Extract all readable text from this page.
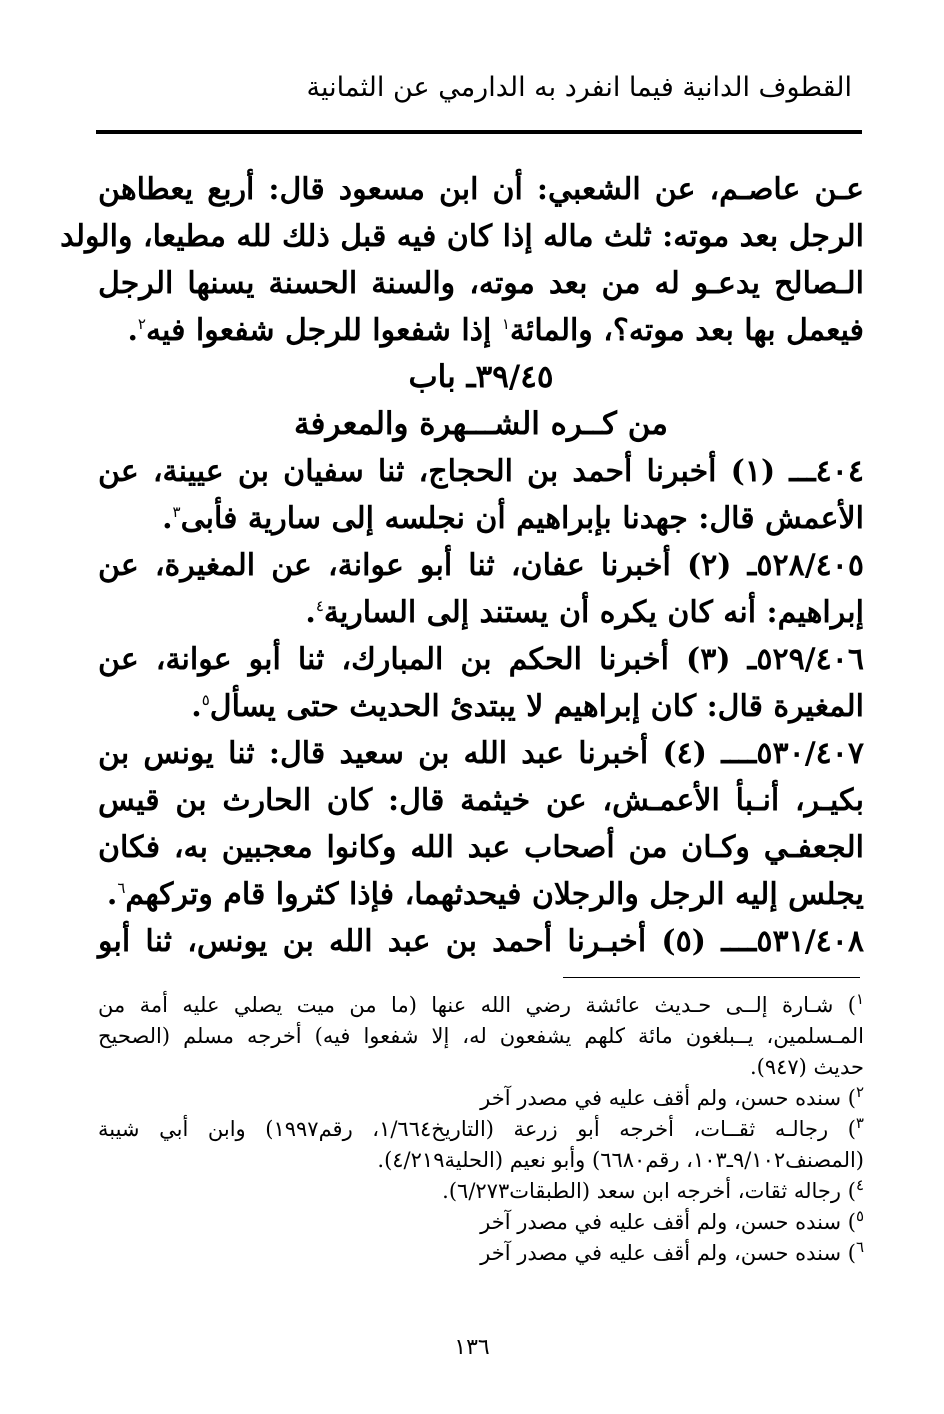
القطوف الدانية فيما انفرد به الدارمي عن الثمانية
عـن عاصـم، عن الشعبي: أن ابن مسعود قال: أربع يعطاهن
الرجل بعد موته: ثلث ماله إذا كان فيه قبل ذلك لله مطيعا، والولد
الـصالح يدعـو له من بعد موته، والسنة الحسنة يسنها الرجل
فيعمل بها بعد موته؟، والمائة$^١$ إذا شفعوا للرجل شفعوا فيه$^٢$.
٣٩/٤٥ـ باب
من كــره الشـــهرة والمعرفة
٤٠٤ـــ (١) أخبرنا أحمد بن الحجاج، ثنا سفيان بن عيينة، عن
الأعمش قال: جهدنا بإبراهيم أن نجلسه إلى سارية فأبى$^٣$.
٥٢٨/٤٠٥ـ (٢) أخبرنا عفان، ثنا أبو عوانة، عن المغيرة، عن
إبراهيم: أنه كان يكره أن يستند إلى السارية$^٤$.
٥٢٩/٤٠٦ـ (٣) أخبرنا الحكم بن المبارك، ثنا أبو عوانة، عن
المغيرة قال: كان إبراهيم لا يبتدئ الحديث حتى يسأل$^٥$.
٥٣٠/٤٠٧ــــ (٤) أخبرنا عبد الله بن سعيد قال: ثنا يونس بن
بكيـر، أنـبأ الأعمـش، عن خيثمة قال: كان الحارث بن قيس
الجعفـي وكـان من أصحاب عبد الله وكانوا معجبين به، فكان
يجلس إليه الرجل والرجلان فيحدثهما، فإذا كثروا قام وتركهم$^٦$.
٥٣١/٤٠٨ــــ (٥) أخبـرنا أحمد بن عبد الله بن يونس، ثنا أبو
$^١$) شـارة إلــى حـديث عائشة رضي الله عنها (ما من ميت يصلي عليه أمة من
المـسلمين، يــبلغون مائة كلهم يشفعون له، إلا شفعوا فيه) أخرجه مسلم (الصحيح
حديث (٩٤٧).
$^٢$) سنده حسن، ولم أقف عليه في مصدر آخر
$^٣$) رجالـه ثقــات، أخرجه أبو زرعة (التاريخ١/٦٦٤، رقم١٩٩٧) وابن أبي شيبة
(المصنف٩/١٠٢ـ١٠٣، رقم٦٦٨٠) وأبو نعيم (الحلية٤/٢١٩).
$^٤$) رجاله ثقات، أخرجه ابن سعد (الطبقات٦/٢٧٣).
$^٥$) سنده حسن، ولم أقف عليه في مصدر آخر
$^٦$) سنده حسن، ولم أقف عليه في مصدر آخر
١٣٦
